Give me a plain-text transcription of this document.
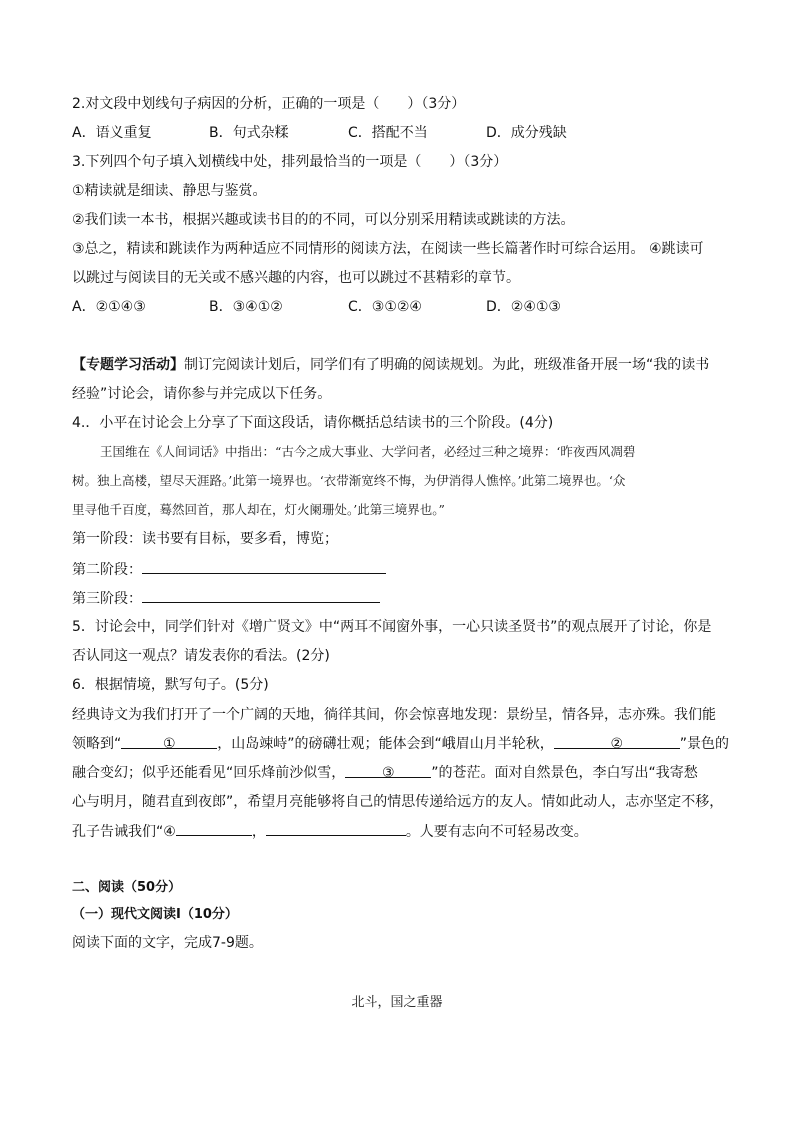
2.对文段中划线句子病因的分析，正确的一项是（　　）（3分）
A．语义重复	B．句式杂糅	C．搭配不当	D．成分残缺
3.下列四个句子填入划横线中处，排列最恰当的一项是（　　）（3分）
①精读就是细读、静思与鉴赏。
②我们读一本书，根据兴趣或读书目的的不同，可以分别采用精读或跳读的方法。
③总之，精读和跳读作为两种适应不同情形的阅读方法，在阅读一些长篇著作时可综合运用。 ④跳读可
以跳过与阅读目的无关或不感兴趣的内容，也可以跳过不甚精彩的章节。
A．②①④③	B．③④①②	C．③①②④	D．②④①③
【专题学习活动】制订完阅读计划后，同学们有了明确的阅读规划。为此，班级准备开展一场“我的读书
经验”讨论会，请你参与并完成以下任务。
4.．小平在讨论会上分享了下面这段话，请你概括总结读书的三个阶段。(4分)
王国维在《人间词话》中指出：“古今之成大事业、大学问者，必经过三种之境界：‘昨夜西风凋碧
树。独上高楼，望尽天涯路。’此第一境界也。‘衣带渐宽终不悔，为伊消得人憔悴。’此第二境界也。‘众
里寻他千百度，蓦然回首，那人却在，灯火阑珊处。’此第三境界也。”
第一阶段：读书要有目标，要多看，博览；
第二阶段：
第三阶段：
5．讨论会中，同学们针对《增广贤文》中“两耳不闻窗外事，一心只读圣贤书”的观点展开了讨论，你是
否认同这一观点？请发表你的看法。(2分)
6．根据情境，默写句子。(5分)
经典诗文为我们打开了一个广阔的天地，徜徉其间，你会惊喜地发现：景纷呈，情各异，志亦殊。我们能
领略到“	①	，山岛竦峙”的磅礴壮观；能体会到“峨眉山月半轮秋，	②	”景色的
融合变幻；似乎还能看见“回乐烽前沙似雪，	③	”的苍茫。面对自然景色，李白写出“我寄愁
心与明月，随君直到夜郎”，希望月亮能够将自己的情思传递给远方的友人。情如此动人，志亦坚定不移，
孔子告诫我们“④	，	。人要有志向不可轻易改变。
二、阅读（50分）
（一）现代文阅读Ⅰ（10分）
阅读下面的文字，完成7-9题。
北斗，国之重器
